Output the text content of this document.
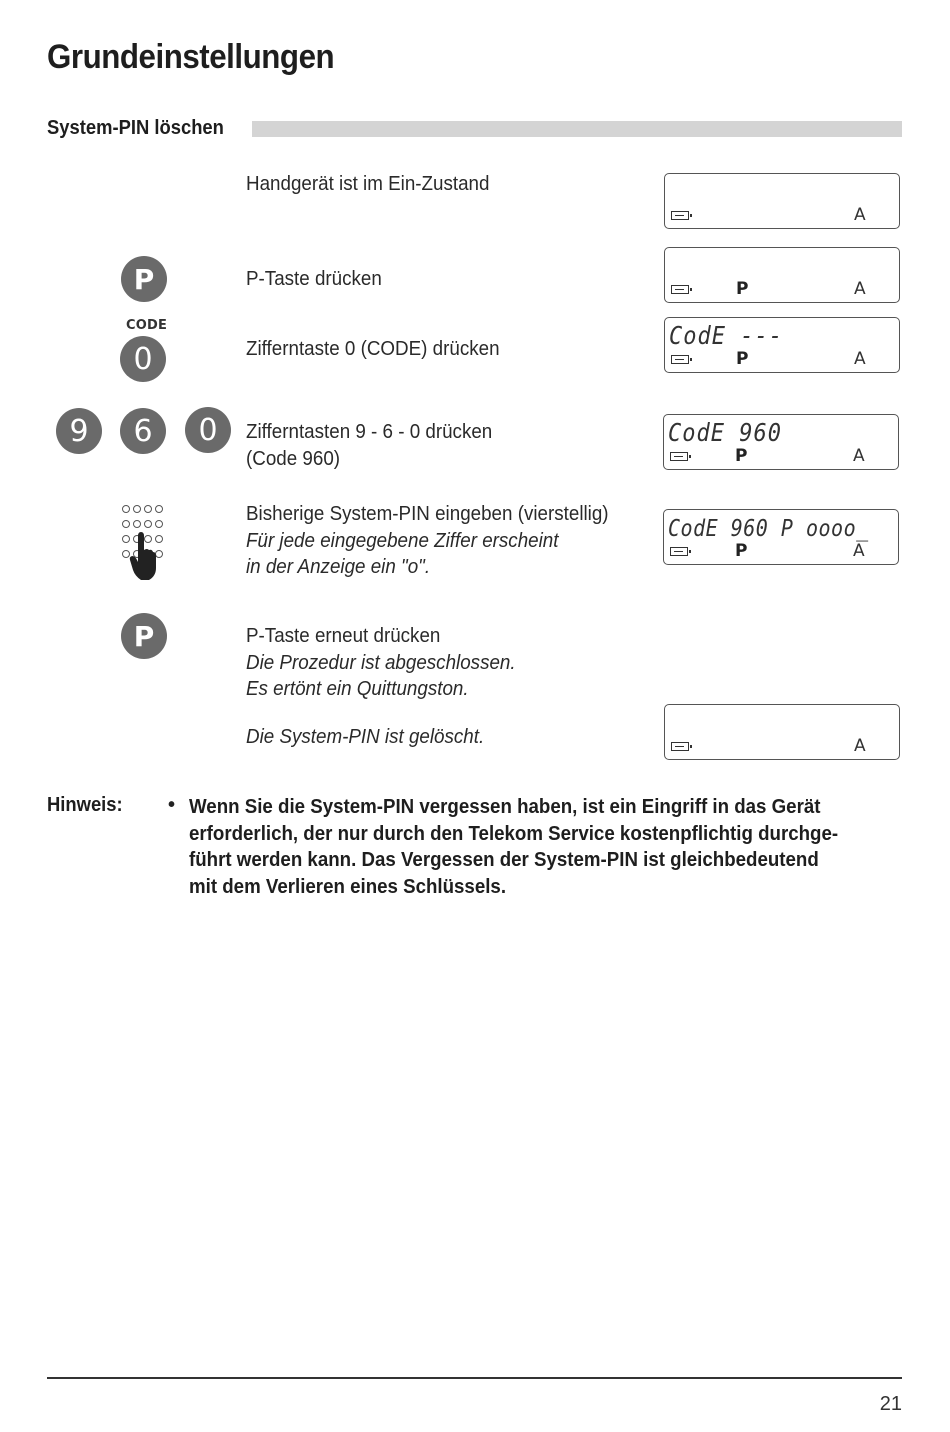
Grundeinstellungen
System-PIN löschen
Handgerät ist im Ein-Zustand
A
P	P-Taste drücken	P	A
CODE
0	Zifferntaste 0 (CODE) drücken	CodE ---
P	A
9	6	0	Zifferntasten 9 - 6 - 0 drücken
(Code 960)
CodE 960
P	A
Bisherige System-PIN eingeben (vierstellig)
Für jede eingegebene Ziffer erscheint
in der Anzeige ein "o".
CodE 960 P oooo_
P	A
P	P-Taste erneut drücken
Die Prozedur ist abgeschlossen.
Es ertönt ein Quittungston.
Die System-PIN ist gelöscht.	A
Hinweis: • Wenn Sie die System-PIN vergessen haben, ist ein Eingriff in das Gerät
erforderlich, der nur durch den Telekom Service kostenpflichtig durchge-
führt werden kann. Das Vergessen der System-PIN ist gleichbedeutend
mit dem Verlieren eines Schlüssels.
21
